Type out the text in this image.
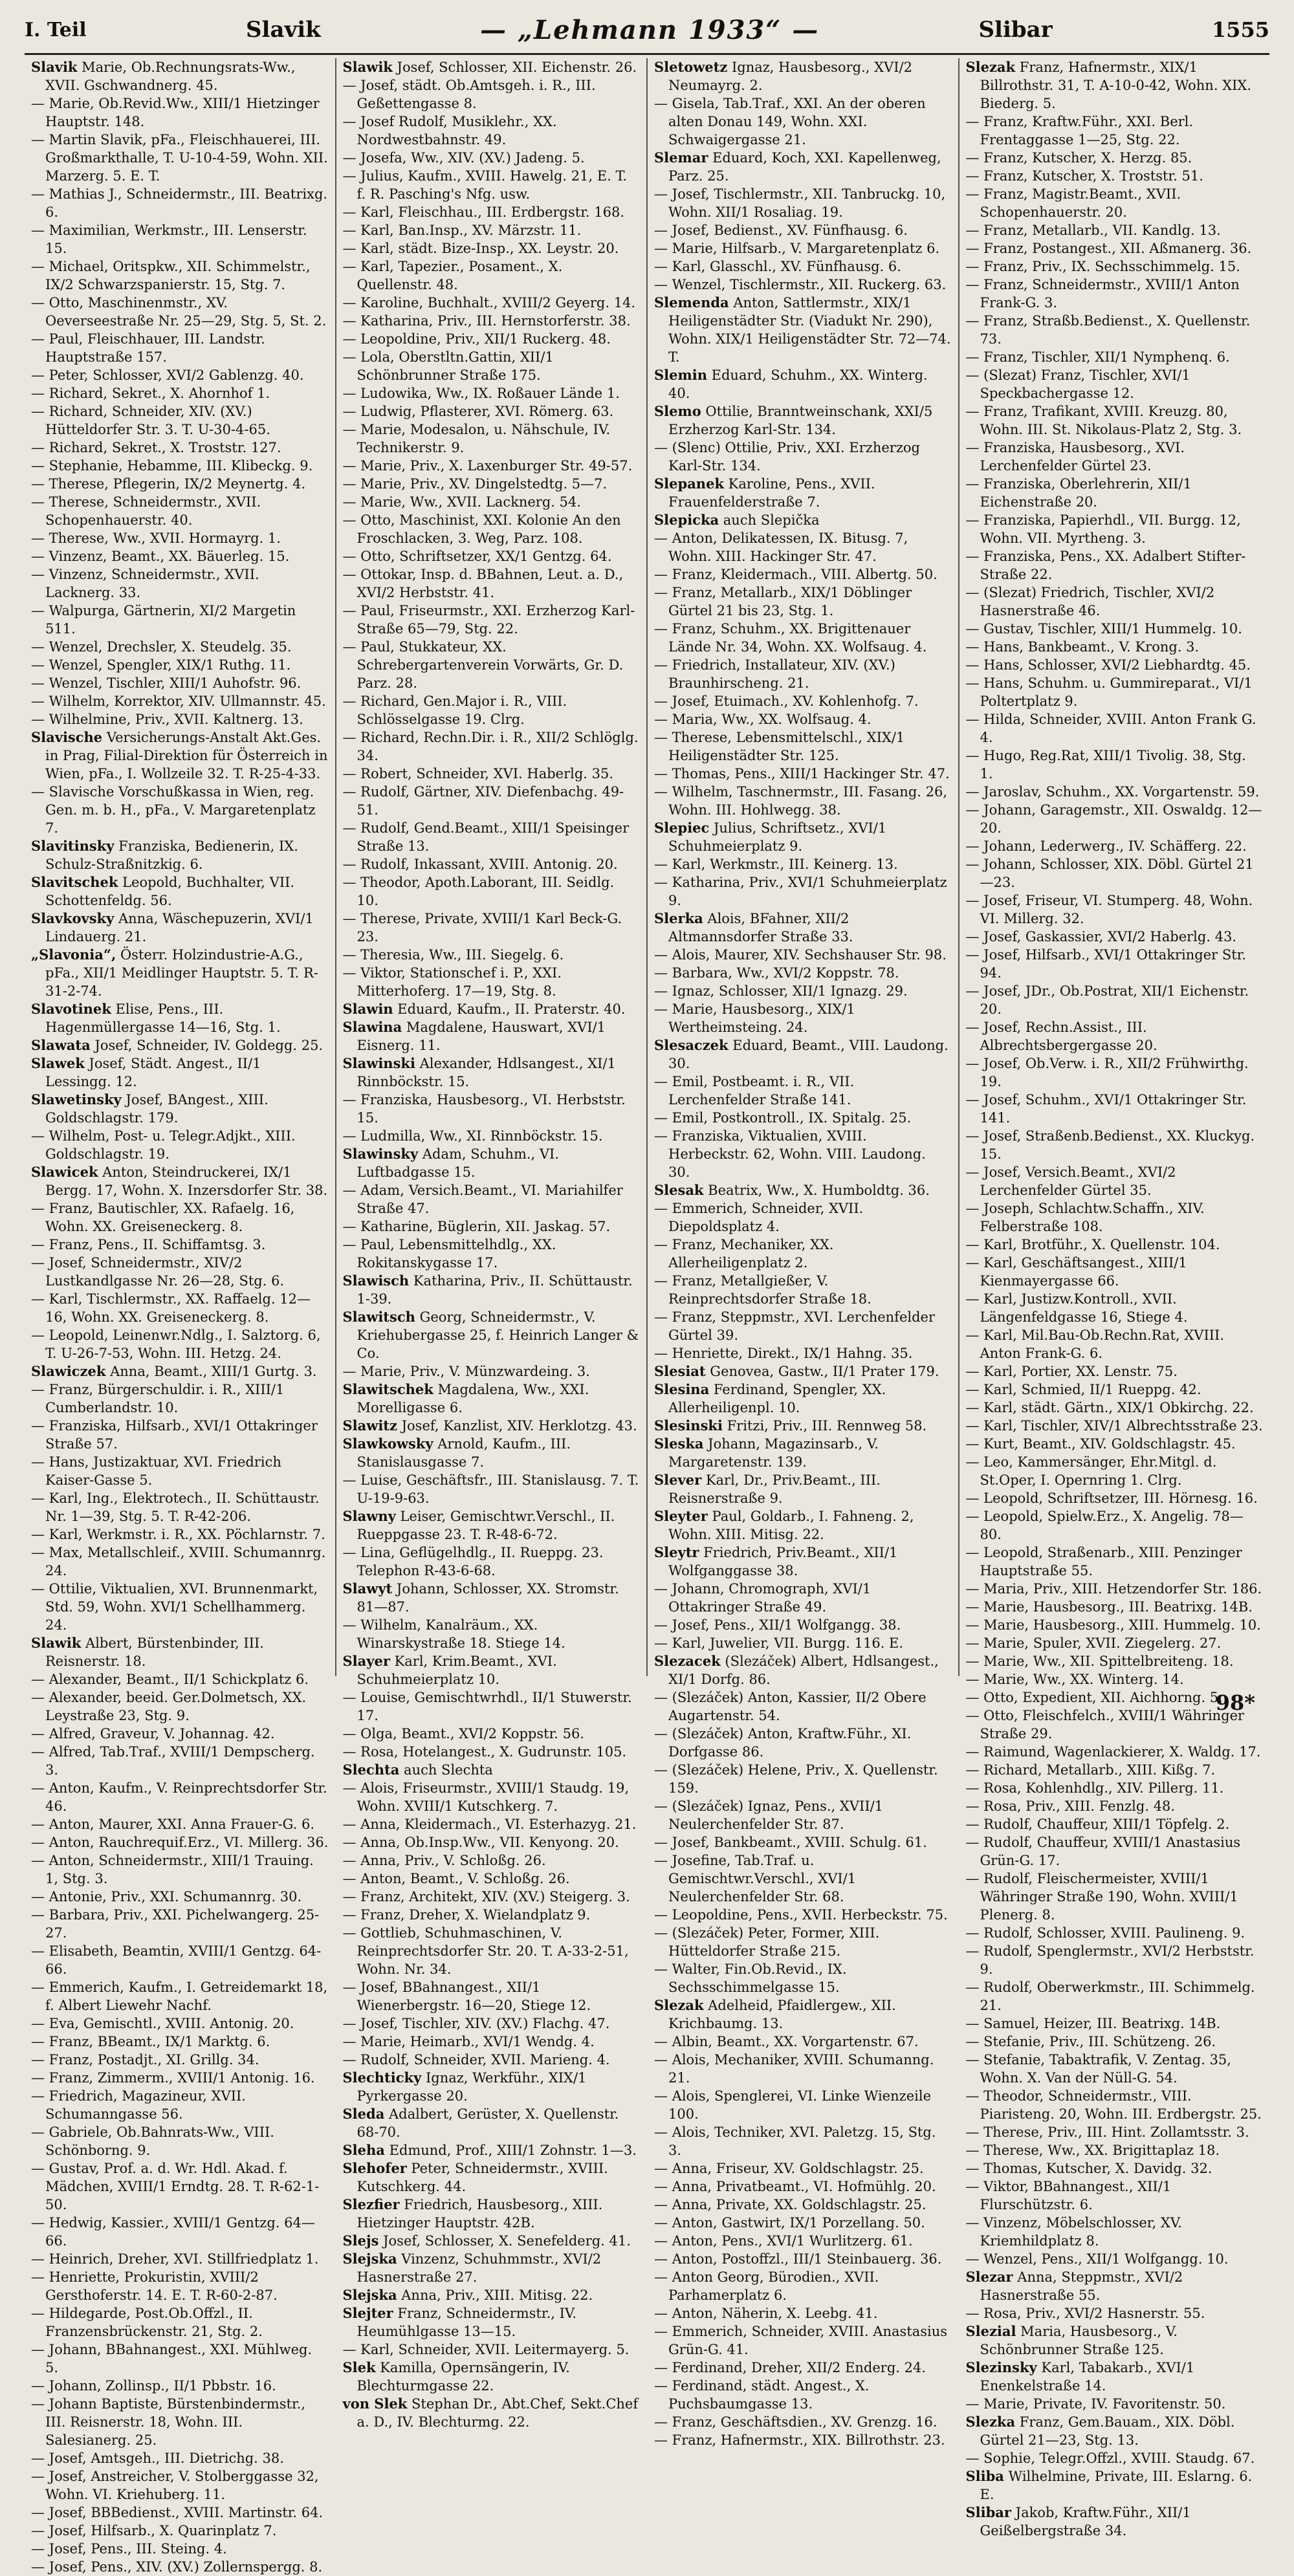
I. Teil	Slavik	— „Lehmann 1933“ —	Slibar	1555

Slavik Marie, Ob.Rechnungsrats-Ww., XVII. Gschwandnerg. 45.

— Marie, Ob.Revid.Ww., XIII/1 Hietzinger Hauptstr. 148.

— Martin Slavik, pFa., Fleischhauerei, III. Großmarkthalle, T. U-10-4-59, Wohn. XII. Marzerg. 5. E. T.

— Mathias J., Schneidermstr., III. Beatrixg. 6.

— Maximilian, Werkmstr., III. Lenserstr. 15.

— Michael, Oritspkw., XII. Schimmelstr., IX/2 Schwarzspanierstr. 15, Stg. 7.

— Otto, Maschinenmstr., XV. Oeverseestraße Nr. 25—29, Stg. 5, St. 2.

— Paul, Fleischhauer, III. Landstr. Hauptstraße 157.

— Peter, Schlosser, XVI/2 Gablenzg. 40.

— Richard, Sekret., X. Ahornhof 1.

— Richard, Schneider, XIV. (XV.) Hütteldorfer Str. 3. T. U-30-4-65.

— Richard, Sekret., X. Troststr. 127.

— Stephanie, Hebamme, III. Klibeckg. 9.

— Therese, Pflegerin, IX/2 Meynertg. 4.

— Therese, Schneidermstr., XVII. Schopenhauerstr. 40.

— Therese, Ww., XVII. Hormayrg. 1.

— Vinzenz, Beamt., XX. Bäuerleg. 15.

— Vinzenz, Schneidermstr., XVII. Lacknerg. 33.

— Walpurga, Gärtnerin, XI/2 Margetin 511.

— Wenzel, Drechsler, X. Steudelg. 35.

— Wenzel, Spengler, XIX/1 Ruthg. 11.

— Wenzel, Tischler, XIII/1 Auhofstr. 96.

— Wilhelm, Korrektor, XIV. Ullmannstr. 45.

— Wilhelmine, Priv., XVII. Kaltnerg. 13.

Slavische Versicherungs-Anstalt Akt.Ges. in Prag, Filial-Direktion für Österreich in Wien, pFa., I. Wollzeile 32. T. R-25-4-33.

— Slavische Vorschußkassa in Wien, reg. Gen. m. b. H., pFa., V. Margaretenplatz 7.

Slavitinsky Franziska, Bedienerin, IX. Schulz-Straßnitzkig. 6.

Slavitschek Leopold, Buchhalter, VII. Schottenfeldg. 56.

Slavkovsky Anna, Wäschepuzerin, XVI/1 Lindauerg. 21.

„Slavonia“, Österr. Holzindustrie-A.G., pFa., XII/1 Meidlinger Hauptstr. 5. T. R-31-2-74.

Slavotinek Elise, Pens., III. Hagenmüllergasse 14—16, Stg. 1.

Slawata Josef, Schneider, IV. Goldegg. 25.

Slawek Josef, Städt. Angest., II/1 Lessingg. 12.

Slawetinsky Josef, BAngest., XIII. Goldschlagstr. 179.

— Wilhelm, Post- u. Telegr.Adjkt., XIII. Goldschlagstr. 19.

Slawicek Anton, Steindruckerei, IX/1 Bergg. 17, Wohn. X. Inzersdorfer Str. 38.

— Franz, Bautischler, XX. Rafaelg. 16, Wohn. XX. Greiseneckerg. 8.

— Franz, Pens., II. Schiffamtsg. 3.

— Josef, Schneidermstr., XIV/2 Lustkandlgasse Nr. 26—28, Stg. 6.

— Karl, Tischlermstr., XX. Raffaelg. 12—16, Wohn. XX. Greiseneckerg. 8.

— Leopold, Leinenwr.Ndlg., I. Salztorg. 6, T. U-26-7-53, Wohn. III. Hetzg. 24.

Slawiczek Anna, Beamt., XIII/1 Gurtg. 3.

— Franz, Bürgerschuldir. i. R., XIII/1 Cumberlandstr. 10.

— Franziska, Hilfsarb., XVI/1 Ottakringer Straße 57.

— Hans, Justizaktuar, XVI. Friedrich Kaiser-Gasse 5.

— Karl, Ing., Elektrotech., II. Schüttaustr. Nr. 1—39, Stg. 5. T. R-42-206.

— Karl, Werkmstr. i. R., XX. Pöchlarnstr. 7.

— Max, Metallschleif., XVIII. Schumannrg. 24.

— Ottilie, Viktualien, XVI. Brunnenmarkt, Std. 59, Wohn. XVI/1 Schellhammerg. 24.

Slawik Albert, Bürstenbinder, III. Reisnerstr. 18.

— Alexander, Beamt., II/1 Schickplatz 6.

— Alexander, beeid. Ger.Dolmetsch, XX. Leystraße 23, Stg. 9.

— Alfred, Graveur, V. Johannag. 42.

— Alfred, Tab.Traf., XVIII/1 Dempscherg. 3.

— Anton, Kaufm., V. Reinprechtsdorfer Str. 46.

— Anton, Maurer, XXI. Anna Frauer-G. 6.

— Anton, Rauchrequif.Erz., VI. Millerg. 36.

— Anton, Schneidermstr., XIII/1 Trauing. 1, Stg. 3.

— Antonie, Priv., XXI. Schumannrg. 30.

— Barbara, Priv., XXI. Pichelwangerg. 25-27.

— Elisabeth, Beamtin, XVIII/1 Gentzg. 64-66.

— Emmerich, Kaufm., I. Getreidemarkt 18, f. Albert Liewehr Nachf.

— Eva, Gemischtl., XVIII. Antonig. 20.

— Franz, BBeamt., IX/1 Marktg. 6.

— Franz, Postadjt., XI. Grillg. 34.

— Franz, Zimmerm., XVIII/1 Antonig. 16.

— Friedrich, Magazineur, XVII. Schumanngasse 56.

— Gabriele, Ob.Bahnrats-Ww., VIII. Schönborng. 9.

— Gustav, Prof. a. d. Wr. Hdl. Akad. f. Mädchen, XVIII/1 Erndtg. 28. T. R-62-1-50.

— Hedwig, Kassier., XVIII/1 Gentzg. 64—66.

— Heinrich, Dreher, XVI. Stillfriedplatz 1.

— Henriette, Prokuristin, XVIII/2 Gersthoferstr. 14. E. T. R-60-2-87.

— Hildegarde, Post.Ob.Offzl., II. Franzensbrückenstr. 21, Stg. 2.

— Johann, BBahnangest., XXI. Mühlweg. 5.

— Johann, Zollinsp., II/1 Pbbstr. 16.

— Johann Baptiste, Bürstenbindermstr., III. Reisnerstr. 18, Wohn. III. Salesianerg. 25.

— Josef, Amtsgeh., III. Dietrichg. 38.

— Josef, Anstreicher, V. Stolberggasse 32, Wohn. VI. Kriehuberg. 11.

— Josef, BBBedienst., XVIII. Martinstr. 64.

— Josef, Hilfsarb., X. Quarinplatz 7.

— Josef, Pens., III. Steing. 4.

— Josef, Pens., XIV. (XV.) Zollernspergg. 8.

Slawik Josef, Schlosser, XII. Eichenstr. 26.

— Josef, städt. Ob.Amtsgeh. i. R., III. Geßettengasse 8.

— Josef Rudolf, Musiklehr., XX. Nordwestbahnstr. 49.

— Josefa, Ww., XIV. (XV.) Jadeng. 5.

— Julius, Kaufm., XVIII. Hawelg. 21, E. T. f. R. Pasching's Nfg. usw.

— Karl, Fleischhau., III. Erdbergstr. 168.

— Karl, Ban.Insp., XV. Märzstr. 11.

— Karl, städt. Bize-Insp., XX. Leystr. 20.

— Karl, Tapezier., Posament., X. Quellenstr. 48.

— Karoline, Buchhalt., XVIII/2 Geyerg. 14.

— Katharina, Priv., III. Hernstorferstr. 38.

— Leopoldine, Priv., XII/1 Ruckerg. 48.

— Lola, Oberstltn.Gattin, XII/1 Schönbrunner Straße 175.

— Ludowika, Ww., IX. Roßauer Lände 1.

— Ludwig, Pflasterer, XVI. Römerg. 63.

— Marie, Modesalon, u. Nähschule, IV. Technikerstr. 9.

— Marie, Priv., X. Laxenburger Str. 49-57.

— Marie, Priv., XV. Dingelstedtg. 5—7.

— Marie, Ww., XVII. Lacknerg. 54.

— Otto, Maschinist, XXI. Kolonie An den Froschlacken, 3. Weg, Parz. 108.

— Otto, Schriftsetzer, XX/1 Gentzg. 64.

— Ottokar, Insp. d. BBahnen, Leut. a. D., XVI/2 Herbststr. 41.

— Paul, Friseurmstr., XXI. Erzherzog Karl-Straße 65—79, Stg. 22.

— Paul, Stukkateur, XX. Schrebergartenverein Vorwärts, Gr. D. Parz. 28.

— Richard, Gen.Major i. R., VIII. Schlösselgasse 19. Clrg.

— Richard, Rechn.Dir. i. R., XII/2 Schlöglg. 34.

— Robert, Schneider, XVI. Haberlg. 35.

— Rudolf, Gärtner, XIV. Diefenbachg. 49-51.

— Rudolf, Gend.Beamt., XIII/1 Speisinger Straße 13.

— Rudolf, Inkassant, XVIII. Antonig. 20.

— Theodor, Apoth.Laborant, III. Seidlg. 10.

— Therese, Private, XVIII/1 Karl Beck-G. 23.

— Theresia, Ww., III. Siegelg. 6.

— Viktor, Stationschef i. P., XXI. Mitterhoferg. 17—19, Stg. 8.

Slawin Eduard, Kaufm., II. Praterstr. 40.

Slawina Magdalene, Hauswart, XVI/1 Eisnerg. 11.

Slawinski Alexander, Hdlsangest., XI/1 Rinnböckstr. 15.

— Franziska, Hausbesorg., VI. Herbststr. 15.

— Ludmilla, Ww., XI. Rinnböckstr. 15.

Slawinsky Adam, Schuhm., VI. Luftbadgasse 15.

— Adam, Versich.Beamt., VI. Mariahilfer Straße 47.

— Katharine, Büglerin, XII. Jaskag. 57.

— Paul, Lebensmittelhdlg., XX. Rokitanskygasse 17.

Slawisch Katharina, Priv., II. Schüttaustr. 1-39.

Slawitsch Georg, Schneidermstr., V. Kriehubergasse 25, f. Heinrich Langer & Co.

— Marie, Priv., V. Münzwardeing. 3.

Slawitschek Magdalena, Ww., XXI. Morelligasse 6.

Slawitz Josef, Kanzlist, XIV. Herklotzg. 43.

Slawkowsky Arnold, Kaufm., III. Stanislausgasse 7.

— Luise, Geschäftsfr., III. Stanislausg. 7. T. U-19-9-63.

Slawny Leiser, Gemischtwr.Verschl., II. Rueppgasse 23. T. R-48-6-72.

— Lina, Geflügelhdlg., II. Rueppg. 23. Telephon R-43-6-68.

Slawyt Johann, Schlosser, XX. Stromstr. 81—87.

— Wilhelm, Kanalräum., XX. Winarskystraße 18. Stiege 14.

Slayer Karl, Krim.Beamt., XVI. Schuhmeierplatz 10.

— Louise, Gemischtwrhdl., II/1 Stuwerstr. 17.

— Olga, Beamt., XVI/2 Koppstr. 56.

— Rosa, Hotelangest., X. Gudrunstr. 105.

Slechta auch Slechta

— Alois, Friseurmstr., XVIII/1 Staudg. 19, Wohn. XVIII/1 Kutschkerg. 7.

— Anna, Kleidermach., VI. Esterhazyg. 21.

— Anna, Ob.Insp.Ww., VII. Kenyong. 20.

— Anna, Priv., V. Schloßg. 26.

— Anton, Beamt., V. Schloßg. 26.

— Franz, Architekt, XIV. (XV.) Steigerg. 3.

— Franz, Dreher, X. Wielandplatz 9.

— Gottlieb, Schuhmaschinen, V. Reinprechtsdorfer Str. 20. T. A-33-2-51, Wohn. Nr. 34.

— Josef, BBahnangest., XII/1 Wienerbergstr. 16—20, Stiege 12.

— Josef, Tischler, XIV. (XV.) Flachg. 47.

— Marie, Heimarb., XVI/1 Wendg. 4.

— Rudolf, Schneider, XVII. Marieng. 4.

Slechticky Ignaz, Werkführ., XIX/1 Pyrkergasse 20.

Sleda Adalbert, Gerüster, X. Quellenstr. 68-70.

Sleha Edmund, Prof., XIII/1 Zohnstr. 1—3.

Slehofer Peter, Schneidermstr., XVIII. Kutschkerg. 44.

Slezfier Friedrich, Hausbesorg., XIII. Hietzinger Hauptstr. 42B.

Slejs Josef, Schlosser, X. Senefelderg. 41.

Slejska Vinzenz, Schuhmmstr., XVI/2 Hasnerstraße 27.

Slejska Anna, Priv., XIII. Mitisg. 22.

Slejter Franz, Schneidermstr., IV. Heumühlgasse 13—15.

— Karl, Schneider, XVII. Leitermayerg. 5.

Slek Kamilla, Opernsängerin, IV. Blechturmgasse 22.

von Slek Stephan Dr., Abt.Chef, Sekt.Chef a. D., IV. Blechturmg. 22.

Sletowetz Ignaz, Hausbesorg., XVI/2 Neumayrg. 2.

— Gisela, Tab.Traf., XXI. An der oberen alten Donau 149, Wohn. XXI. Schwaigergasse 21.

Slemar Eduard, Koch, XXI. Kapellenweg, Parz. 25.

— Josef, Tischlermstr., XII. Tanbruckg. 10, Wohn. XII/1 Rosaliag. 19.

— Josef, Bedienst., XV. Fünfhausg. 6.

— Marie, Hilfsarb., V. Margaretenplatz 6.

— Karl, Glasschl., XV. Fünfhausg. 6.

— Wenzel, Tischlermstr., XII. Ruckerg. 63.

Slemenda Anton, Sattlermstr., XIX/1 Heiligenstädter Str. (Viadukt Nr. 290), Wohn. XIX/1 Heiligenstädter Str. 72—74. T.

Slemin Eduard, Schuhm., XX. Winterg. 40.

Slemo Ottilie, Branntweinschank, XXI/5 Erzherzog Karl-Str. 134.

— (Slenc) Ottilie, Priv., XXI. Erzherzog Karl-Str. 134.

Slepanek Karoline, Pens., XVII. Frauenfelderstraße 7.

Slepicka auch Slepička

— Anton, Delikatessen, IX. Bitusg. 7, Wohn. XIII. Hackinger Str. 47.

— Franz, Kleidermach., VIII. Albertg. 50.

— Franz, Metallarb., XIX/1 Döblinger Gürtel 21 bis 23, Stg. 1.

— Franz, Schuhm., XX. Brigittenauer Lände Nr. 34, Wohn. XX. Wolfsaug. 4.

— Friedrich, Installateur, XIV. (XV.) Braunhirscheng. 21.

— Josef, Etuimach., XV. Kohlenhofg. 7.

— Maria, Ww., XX. Wolfsaug. 4.

— Therese, Lebensmittelschl., XIX/1 Heiligenstädter Str. 125.

— Thomas, Pens., XIII/1 Hackinger Str. 47.

— Wilhelm, Taschnermstr., III. Fasang. 26, Wohn. III. Hohlwegg. 38.

Slepiec Julius, Schriftsetz., XVI/1 Schuhmeierplatz 9.

— Karl, Werkmstr., III. Keinerg. 13.

— Katharina, Priv., XVI/1 Schuhmeierplatz 9.

Slerka Alois, BFahner, XII/2 Altmannsdorfer Straße 33.

— Alois, Maurer, XIV. Sechshauser Str. 98.

— Barbara, Ww., XVI/2 Koppstr. 78.

— Ignaz, Schlosser, XII/1 Ignazg. 29.

— Marie, Hausbesorg., XIX/1 Wertheimsteing. 24.

Slesaczek Eduard, Beamt., VIII. Laudong. 30.

— Emil, Postbeamt. i. R., VII. Lerchenfelder Straße 141.

— Emil, Postkontroll., IX. Spitalg. 25.

— Franziska, Viktualien, XVIII. Herbeckstr. 62, Wohn. VIII. Laudong. 30.

Slesak Beatrix, Ww., X. Humboldtg. 36.

— Emmerich, Schneider, XVII. Diepoldsplatz 4.

— Franz, Mechaniker, XX. Allerheiligenplatz 2.

— Franz, Metallgießer, V. Reinprechtsdorfer Straße 18.

— Franz, Steppmstr., XVI. Lerchenfelder Gürtel 39.

— Henriette, Direkt., IX/1 Hahng. 35.

Slesiat Genovea, Gastw., II/1 Prater 179.

Slesina Ferdinand, Spengler, XX. Allerheiligenpl. 10.

Slesinski Fritzi, Priv., III. Rennweg 58.

Sleska Johann, Magazinsarb., V. Margaretenstr. 139.

Slever Karl, Dr., Priv.Beamt., III. Reisnerstraße 9.

Sleyter Paul, Goldarb., I. Fahneng. 2, Wohn. XIII. Mitisg. 22.

Sleytr Friedrich, Priv.Beamt., XII/1 Wolfganggasse 38.

— Johann, Chromograph, XVI/1 Ottakringer Straße 49.

— Josef, Pens., XII/1 Wolfgangg. 38.

— Karl, Juwelier, VII. Burgg. 116. E.

Slezacek (Slezáček) Albert, Hdlsangest., XI/1 Dorfg. 86.

— (Slezáček) Anton, Kassier, II/2 Obere Augartenstr. 54.

— (Slezáček) Anton, Kraftw.Führ., XI. Dorfgasse 86.

— (Slezáček) Helene, Priv., X. Quellenstr. 159.

— (Slezáček) Ignaz, Pens., XVII/1 Neulerchenfelder Str. 87.

— Josef, Bankbeamt., XVIII. Schulg. 61.

— Josefine, Tab.Traf. u. Gemischtwr.Verschl., XVI/1 Neulerchenfelder Str. 68.

— Leopoldine, Pens., XVII. Herbeckstr. 75.

— (Slezáček) Peter, Former, XIII. Hütteldorfer Straße 215.

— Walter, Fin.Ob.Revid., IX. Sechsschimmelgasse 15.

Slezak Adelheid, Pfaidlergew., XII. Krichbaumg. 13.

— Albin, Beamt., XX. Vorgartenstr. 67.

— Alois, Mechaniker, XVIII. Schumanng. 21.

— Alois, Spenglerei, VI. Linke Wienzeile 100.

— Alois, Techniker, XVI. Paletzg. 15, Stg. 3.

— Anna, Friseur, XV. Goldschlagstr. 25.

— Anna, Privatbeamt., VI. Hofmühlg. 20.

— Anna, Private, XX. Goldschlagstr. 25.

— Anton, Gastwirt, IX/1 Porzellang. 50.

— Anton, Pens., XVI/1 Wurlitzerg. 61.

— Anton, Postoffzl., III/1 Steinbauerg. 36.

— Anton Georg, Bürodien., XVII. Parhamerplatz 6.

— Anton, Näherin, X. Leebg. 41.

— Emmerich, Schneider, XVIII. Anastasius Grün-G. 41.

— Ferdinand, Dreher, XII/2 Enderg. 24.

— Ferdinand, städt. Angest., X. Puchsbaumgasse 13.

— Franz, Geschäftsdien., XV. Grenzg. 16.

— Franz, Hafnermstr., XIX. Billrothstr. 23.

Slezak Franz, Hafnermstr., XIX/1 Billrothstr. 31, T. A-10-0-42, Wohn. XIX. Biederg. 5.

— Franz, Kraftw.Führ., XXI. Berl. Frentaggasse 1—25, Stg. 22.

— Franz, Kutscher, X. Herzg. 85.

— Franz, Kutscher, X. Troststr. 51.

— Franz, Magistr.Beamt., XVII. Schopenhauerstr. 20.

— Franz, Metallarb., VII. Kandlg. 13.

— Franz, Postangest., XII. Aßmanerg. 36.

— Franz, Priv., IX. Sechsschimmelg. 15.

— Franz, Schneidermstr., XVIII/1 Anton Frank-G. 3.

— Franz, Straßb.Bedienst., X. Quellenstr. 73.

— Franz, Tischler, XII/1 Nymphenq. 6.

— (Slezat) Franz, Tischler, XVI/1 Speckbachergasse 12.

— Franz, Trafikant, XVIII. Kreuzg. 80, Wohn. III. St. Nikolaus-Platz 2, Stg. 3.

— Franziska, Hausbesorg., XVI. Lerchenfelder Gürtel 23.

— Franziska, Oberlehrerin, XII/1 Eichenstraße 20.

— Franziska, Papierhdl., VII. Burgg. 12, Wohn. VII. Myrtheng. 3.

— Franziska, Pens., XX. Adalbert Stifter-Straße 22.

— (Slezat) Friedrich, Tischler, XVI/2 Hasnerstraße 46.

— Gustav, Tischler, XIII/1 Hummelg. 10.

— Hans, Bankbeamt., V. Krong. 3.

— Hans, Schlosser, XVI/2 Liebhardtg. 45.

— Hans, Schuhm. u. Gummireparat., VI/1 Poltertplatz 9.

— Hilda, Schneider, XVIII. Anton Frank G. 4.

— Hugo, Reg.Rat, XIII/1 Tivolig. 38, Stg. 1.

— Jaroslav, Schuhm., XX. Vorgartenstr. 59.

— Johann, Garagemstr., XII. Oswaldg. 12—20.

— Johann, Lederwerg., IV. Schäfferg. 22.

— Johann, Schlosser, XIX. Döbl. Gürtel 21—23.

— Josef, Friseur, VI. Stumperg. 48, Wohn. VI. Millerg. 32.

— Josef, Gaskassier, XVI/2 Haberlg. 43.

— Josef, Hilfsarb., XVI/1 Ottakringer Str. 94.

— Josef, JDr., Ob.Postrat, XII/1 Eichenstr. 20.

— Josef, Rechn.Assist., III. Albrechtsbergergasse 20.

— Josef, Ob.Verw. i. R., XII/2 Frühwirthg. 19.

— Josef, Schuhm., XVI/1 Ottakringer Str. 141.

— Josef, Straßenb.Bedienst., XX. Kluckyg. 15.

— Josef, Versich.Beamt., XVI/2 Lerchenfelder Gürtel 35.

— Joseph, Schlachtw.Schaffn., XIV. Felberstraße 108.

— Karl, Brotführ., X. Quellenstr. 104.

— Karl, Geschäftsangest., XIII/1 Kienmayergasse 66.

— Karl, Justizw.Kontroll., XVII. Längenfeldgasse 16, Stiege 4.

— Karl, Mil.Bau-Ob.Rechn.Rat, XVIII. Anton Frank-G. 6.

— Karl, Portier, XX. Lenstr. 75.

— Karl, Schmied, II/1 Rueppg. 42.

— Karl, städt. Gärtn., XIX/1 Obkirchg. 22.

— Karl, Tischler, XIV/1 Albrechtsstraße 23.

— Kurt, Beamt., XIV. Goldschlagstr. 45.

— Leo, Kammersänger, Ehr.Mitgl. d. St.Oper, I. Opernring 1. Clrg.

— Leopold, Schriftsetzer, III. Hörnesg. 16.

— Leopold, Spielw.Erz., X. Angelig. 78—80.

— Leopold, Straßenarb., XIII. Penzinger Hauptstraße 55.

— Maria, Priv., XIII. Hetzendorfer Str. 186.

— Marie, Hausbesorg., III. Beatrixg. 14B.

— Marie, Hausbesorg., XIII. Hummelg. 10.

— Marie, Spuler, XVII. Ziegelerg. 27.

— Marie, Ww., XII. Spittelbreiteng. 18.

— Marie, Ww., XX. Winterg. 14.

— Otto, Expedient, XII. Aichhorng. 5.

— Otto, Fleischfelch., XVIII/1 Währinger Straße 29.

— Raimund, Wagenlackierer, X. Waldg. 17.

— Richard, Metallarb., XIII. Kißg. 7.

— Rosa, Kohlenhdlg., XIV. Pillerg. 11.

— Rosa, Priv., XIII. Fenzlg. 48.

— Rudolf, Chauffeur, XIII/1 Töpfelg. 2.

— Rudolf, Chauffeur, XVIII/1 Anastasius Grün-G. 17.

— Rudolf, Fleischermeister, XVIII/1 Währinger Straße 190, Wohn. XVIII/1 Plenerg. 8.

— Rudolf, Schlosser, XVIII. Paulineng. 9.

— Rudolf, Spenglermstr., XVI/2 Herbststr. 9.

— Rudolf, Oberwerkmstr., III. Schimmelg. 21.

— Samuel, Heizer, III. Beatrixg. 14B.

— Stefanie, Priv., III. Schützeng. 26.

— Stefanie, Tabaktrafik, V. Zentag. 35, Wohn. X. Van der Nüll-G. 54.

— Theodor, Schneidermstr., VIII. Piaristeng. 20, Wohn. III. Erdbergstr. 25.

— Therese, Priv., III. Hint. Zollamtsstr. 3.

— Therese, Ww., XX. Brigittaplaz 18.

— Thomas, Kutscher, X. Davidg. 32.

— Viktor, BBahnangest., XII/1 Flurschützstr. 6.

— Vinzenz, Möbelschlosser, XV. Kriemhildplatz 8.

— Wenzel, Pens., XII/1 Wolfgangg. 10.

Slezar Anna, Steppmstr., XVI/2 Hasnerstraße 55.

— Rosa, Priv., XVI/2 Hasnerstr. 55.

Slezial Maria, Hausbesorg., V. Schönbrunner Straße 125.

Slezinsky Karl, Tabakarb., XVI/1 Enenkelstraße 14.

— Marie, Private, IV. Favoritenstr. 50.

Slezka Franz, Gem.Bauam., XIX. Döbl. Gürtel 21—23, Stg. 13.

— Sophie, Telegr.Offzl., XVIII. Staudg. 67.

Sliba Wilhelmine, Private, III. Eslarng. 6. E.

Slibar Jakob, Kraftw.Führ., XII/1 Geißelbergstraße 34.

98*
